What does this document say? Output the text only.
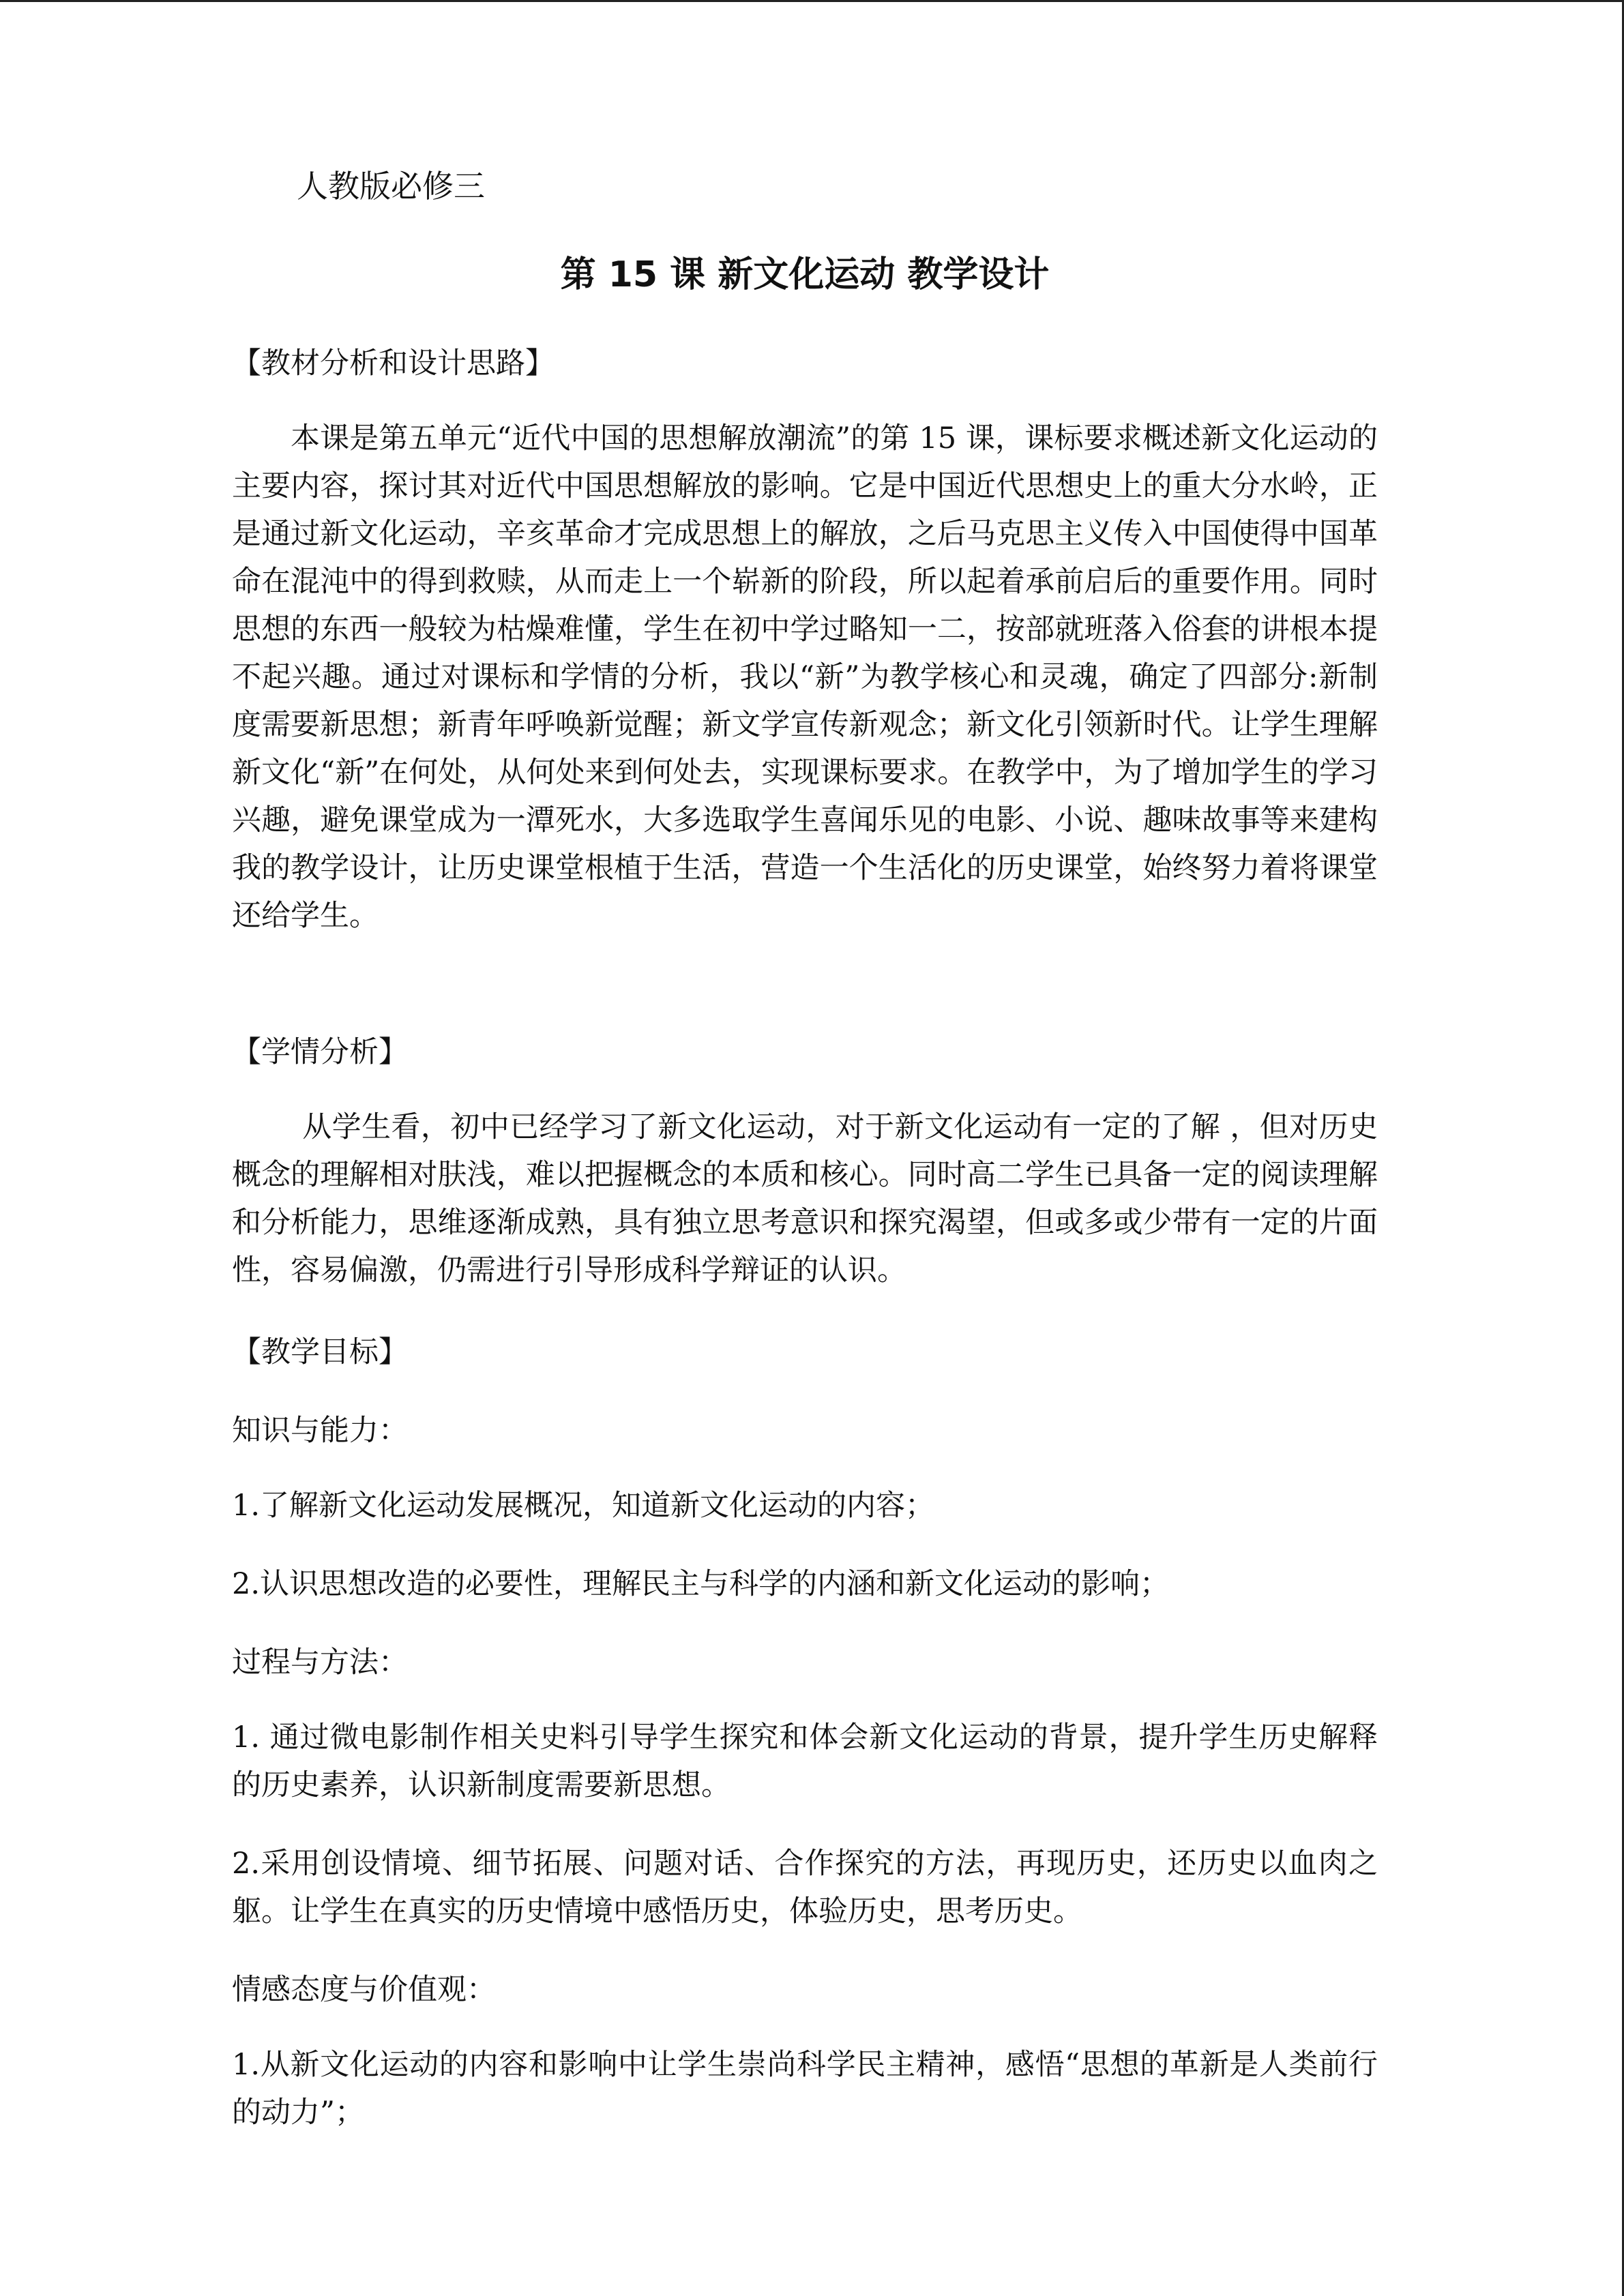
人教版必修三
第 15 课 新文化运动 教学设计

【教材分析和设计思路】

本课是第五单元“近代中国的思想解放潮流”的第 15 课，课标要求概述新文化运动的主要内容，探讨其对近代中国思想解放的影响。它是中国近代思想史上的重大分水岭，正是通过新文化运动，辛亥革命才完成思想上的解放，之后马克思主义传入中国使得中国革命在混沌中的得到救赎，从而走上一个崭新的阶段，所以起着承前启后的重要作用。同时思想的东西一般较为枯燥难懂，学生在初中学过略知一二，按部就班落入俗套的讲根本提不起兴趣。通过对课标和学情的分析，我以“新”为教学核心和灵魂，确定了四部分:新制度需要新思想；新青年呼唤新觉醒；新文学宣传新观念；新文化引领新时代。让学生理解新文化“新”在何处，从何处来到何处去，实现课标要求。在教学中，为了增加学生的学习兴趣，避免课堂成为一潭死水，大多选取学生喜闻乐见的电影、小说、趣味故事等来建构我的教学设计，让历史课堂根植于生活，营造一个生活化的历史课堂，始终努力着将课堂还给学生。

【学情分析】

从学生看，初中已经学习了新文化运动，对于新文化运动有一定的了解 ，但对历史概念的理解相对肤浅，难以把握概念的本质和核心。同时高二学生已具备一定的阅读理解和分析能力，思维逐渐成熟，具有独立思考意识和探究渴望，但或多或少带有一定的片面性，容易偏激，仍需进行引导形成科学辩证的认识。

【教学目标】

知识与能力：

1.了解新文化运动发展概况，知道新文化运动的内容；

2.认识思想改造的必要性，理解民主与科学的内涵和新文化运动的影响；

过程与方法：

1. 通过微电影制作相关史料引导学生探究和体会新文化运动的背景，提升学生历史解释的历史素养，认识新制度需要新思想。

2.采用创设情境、细节拓展、问题对话、合作探究的方法，再现历史，还历史以血肉之躯。让学生在真实的历史情境中感悟历史，体验历史，思考历史。

情感态度与价值观：

1.从新文化运动的内容和影响中让学生崇尚科学民主精神，感悟“思想的革新是人类前行的动力”；
